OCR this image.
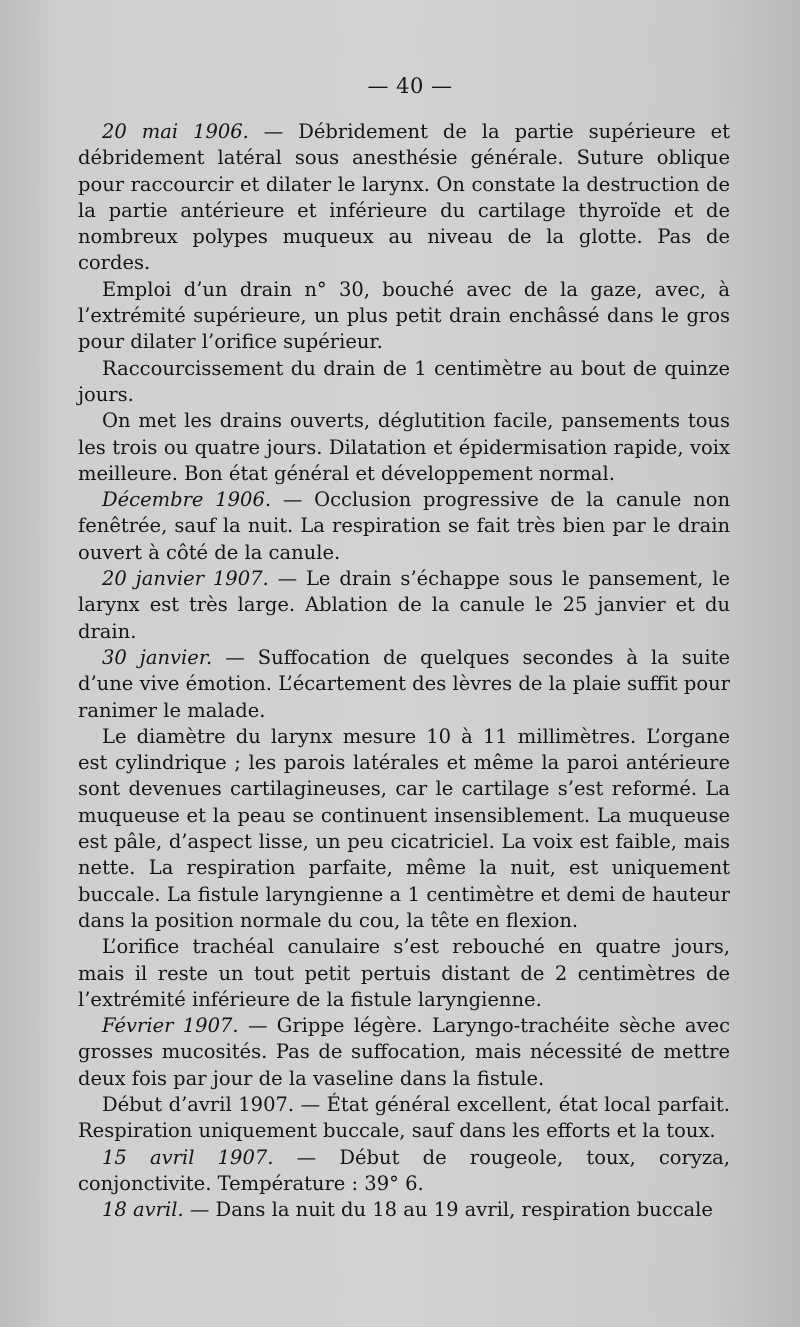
— 40 —

20 mai 1906. — Débridement de la partie supérieure et débridement latéral sous anesthésie générale. Suture oblique pour raccourcir et dilater le larynx. On constate la destruction de la partie antérieure et inférieure du cartilage thyroïde et de nombreux polypes muqueux au niveau de la glotte. Pas de cordes.

Emploi d’un drain n° 30, bouché avec de la gaze, avec, à l’extrémité supérieure, un plus petit drain enchâssé dans le gros pour dilater l’orifice supérieur.

Raccourcissement du drain de 1 centimètre au bout de quinze jours.

On met les drains ouverts, déglutition facile, pansements tous les trois ou quatre jours. Dilatation et épidermisation rapide, voix meilleure. Bon état général et développement normal.

Décembre 1906. — Occlusion progressive de la canule non fenêtrée, sauf la nuit. La respiration se fait très bien par le drain ouvert à côté de la canule.

20 janvier 1907. — Le drain s’échappe sous le pansement, le larynx est très large. Ablation de la canule le 25 janvier et du drain.

30 janvier. — Suffocation de quelques secondes à la suite d’une vive émotion. L’écartement des lèvres de la plaie suffit pour ranimer le malade.

Le diamètre du larynx mesure 10 à 11 millimètres. L’organe est cylindrique ; les parois latérales et même la paroi antérieure sont devenues cartilagineuses, car le cartilage s’est reformé. La muqueuse et la peau se continuent insensiblement. La muqueuse est pâle, d’aspect lisse, un peu cicatriciel. La voix est faible, mais nette. La respiration parfaite, même la nuit, est uniquement buccale. La fistule laryngienne a 1 centimètre et demi de hauteur dans la position normale du cou, la tête en flexion.

L’orifice trachéal canulaire s’est rebouché en quatre jours, mais il reste un tout petit pertuis distant de 2 centimètres de l’extrémité inférieure de la fistule laryngienne.

Février 1907. — Grippe légère. Laryngo-trachéite sèche avec grosses mucosités. Pas de suffocation, mais nécessité de mettre deux fois par jour de la vaseline dans la fistule.

Début d’avril 1907. — État général excellent, état local parfait. Respiration uniquement buccale, sauf dans les efforts et la toux.

15 avril 1907. — Début de rougeole, toux, coryza, conjonctivite. Température : 39° 6.

18 avril. — Dans la nuit du 18 au 19 avril, respiration buccale
